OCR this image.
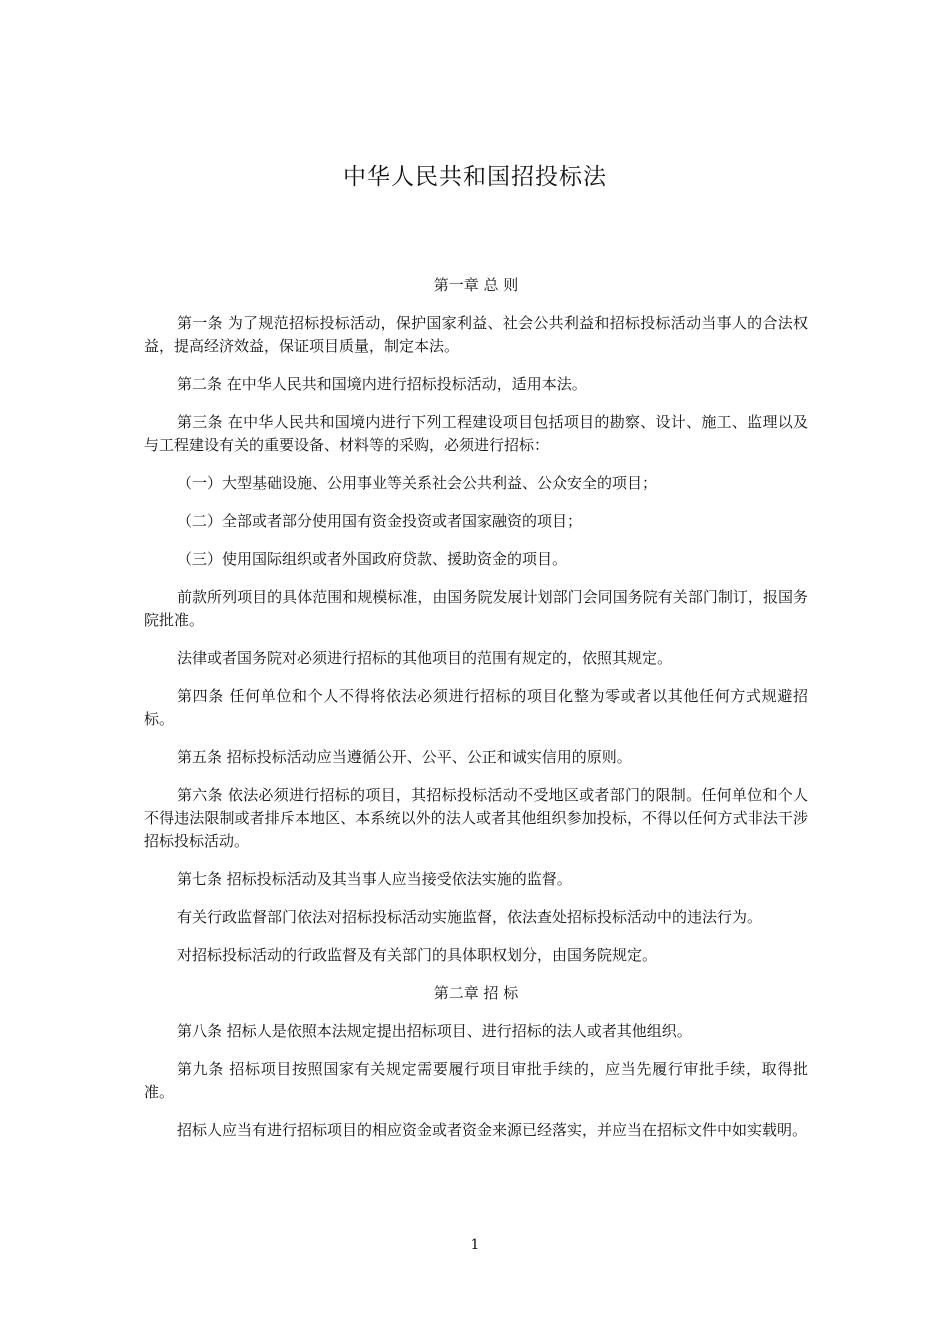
中华人民共和国招投标法
第一章 总 则

第一条 为了规范招标投标活动，保护国家利益、社会公共利益和招标投标活动当事人的合法权益，提高经济效益，保证项目质量，制定本法。

第二条 在中华人民共和国境内进行招标投标活动，适用本法。

第三条 在中华人民共和国境内进行下列工程建设项目包括项目的勘察、设计、施工、监理以及与工程建设有关的重要设备、材料等的采购，必须进行招标：

（一）大型基础设施、公用事业等关系社会公共利益、公众安全的项目；

（二）全部或者部分使用国有资金投资或者国家融资的项目；

（三）使用国际组织或者外国政府贷款、援助资金的项目。

前款所列项目的具体范围和规模标准，由国务院发展计划部门会同国务院有关部门制订，报国务院批准。

法律或者国务院对必须进行招标的其他项目的范围有规定的，依照其规定。

第四条 任何单位和个人不得将依法必须进行招标的项目化整为零或者以其他任何方式规避招标。

第五条 招标投标活动应当遵循公开、公平、公正和诚实信用的原则。

第六条 依法必须进行招标的项目，其招标投标活动不受地区或者部门的限制。任何单位和个人不得违法限制或者排斥本地区、本系统以外的法人或者其他组织参加投标，不得以任何方式非法干涉招标投标活动。

第七条 招标投标活动及其当事人应当接受依法实施的监督。

有关行政监督部门依法对招标投标活动实施监督，依法查处招标投标活动中的违法行为。

对招标投标活动的行政监督及有关部门的具体职权划分，由国务院规定。

第二章 招 标

第八条 招标人是依照本法规定提出招标项目、进行招标的法人或者其他组织。

第九条 招标项目按照国家有关规定需要履行项目审批手续的，应当先履行审批手续，取得批准。

招标人应当有进行招标项目的相应资金或者资金来源已经落实，并应当在招标文件中如实载明。

1
